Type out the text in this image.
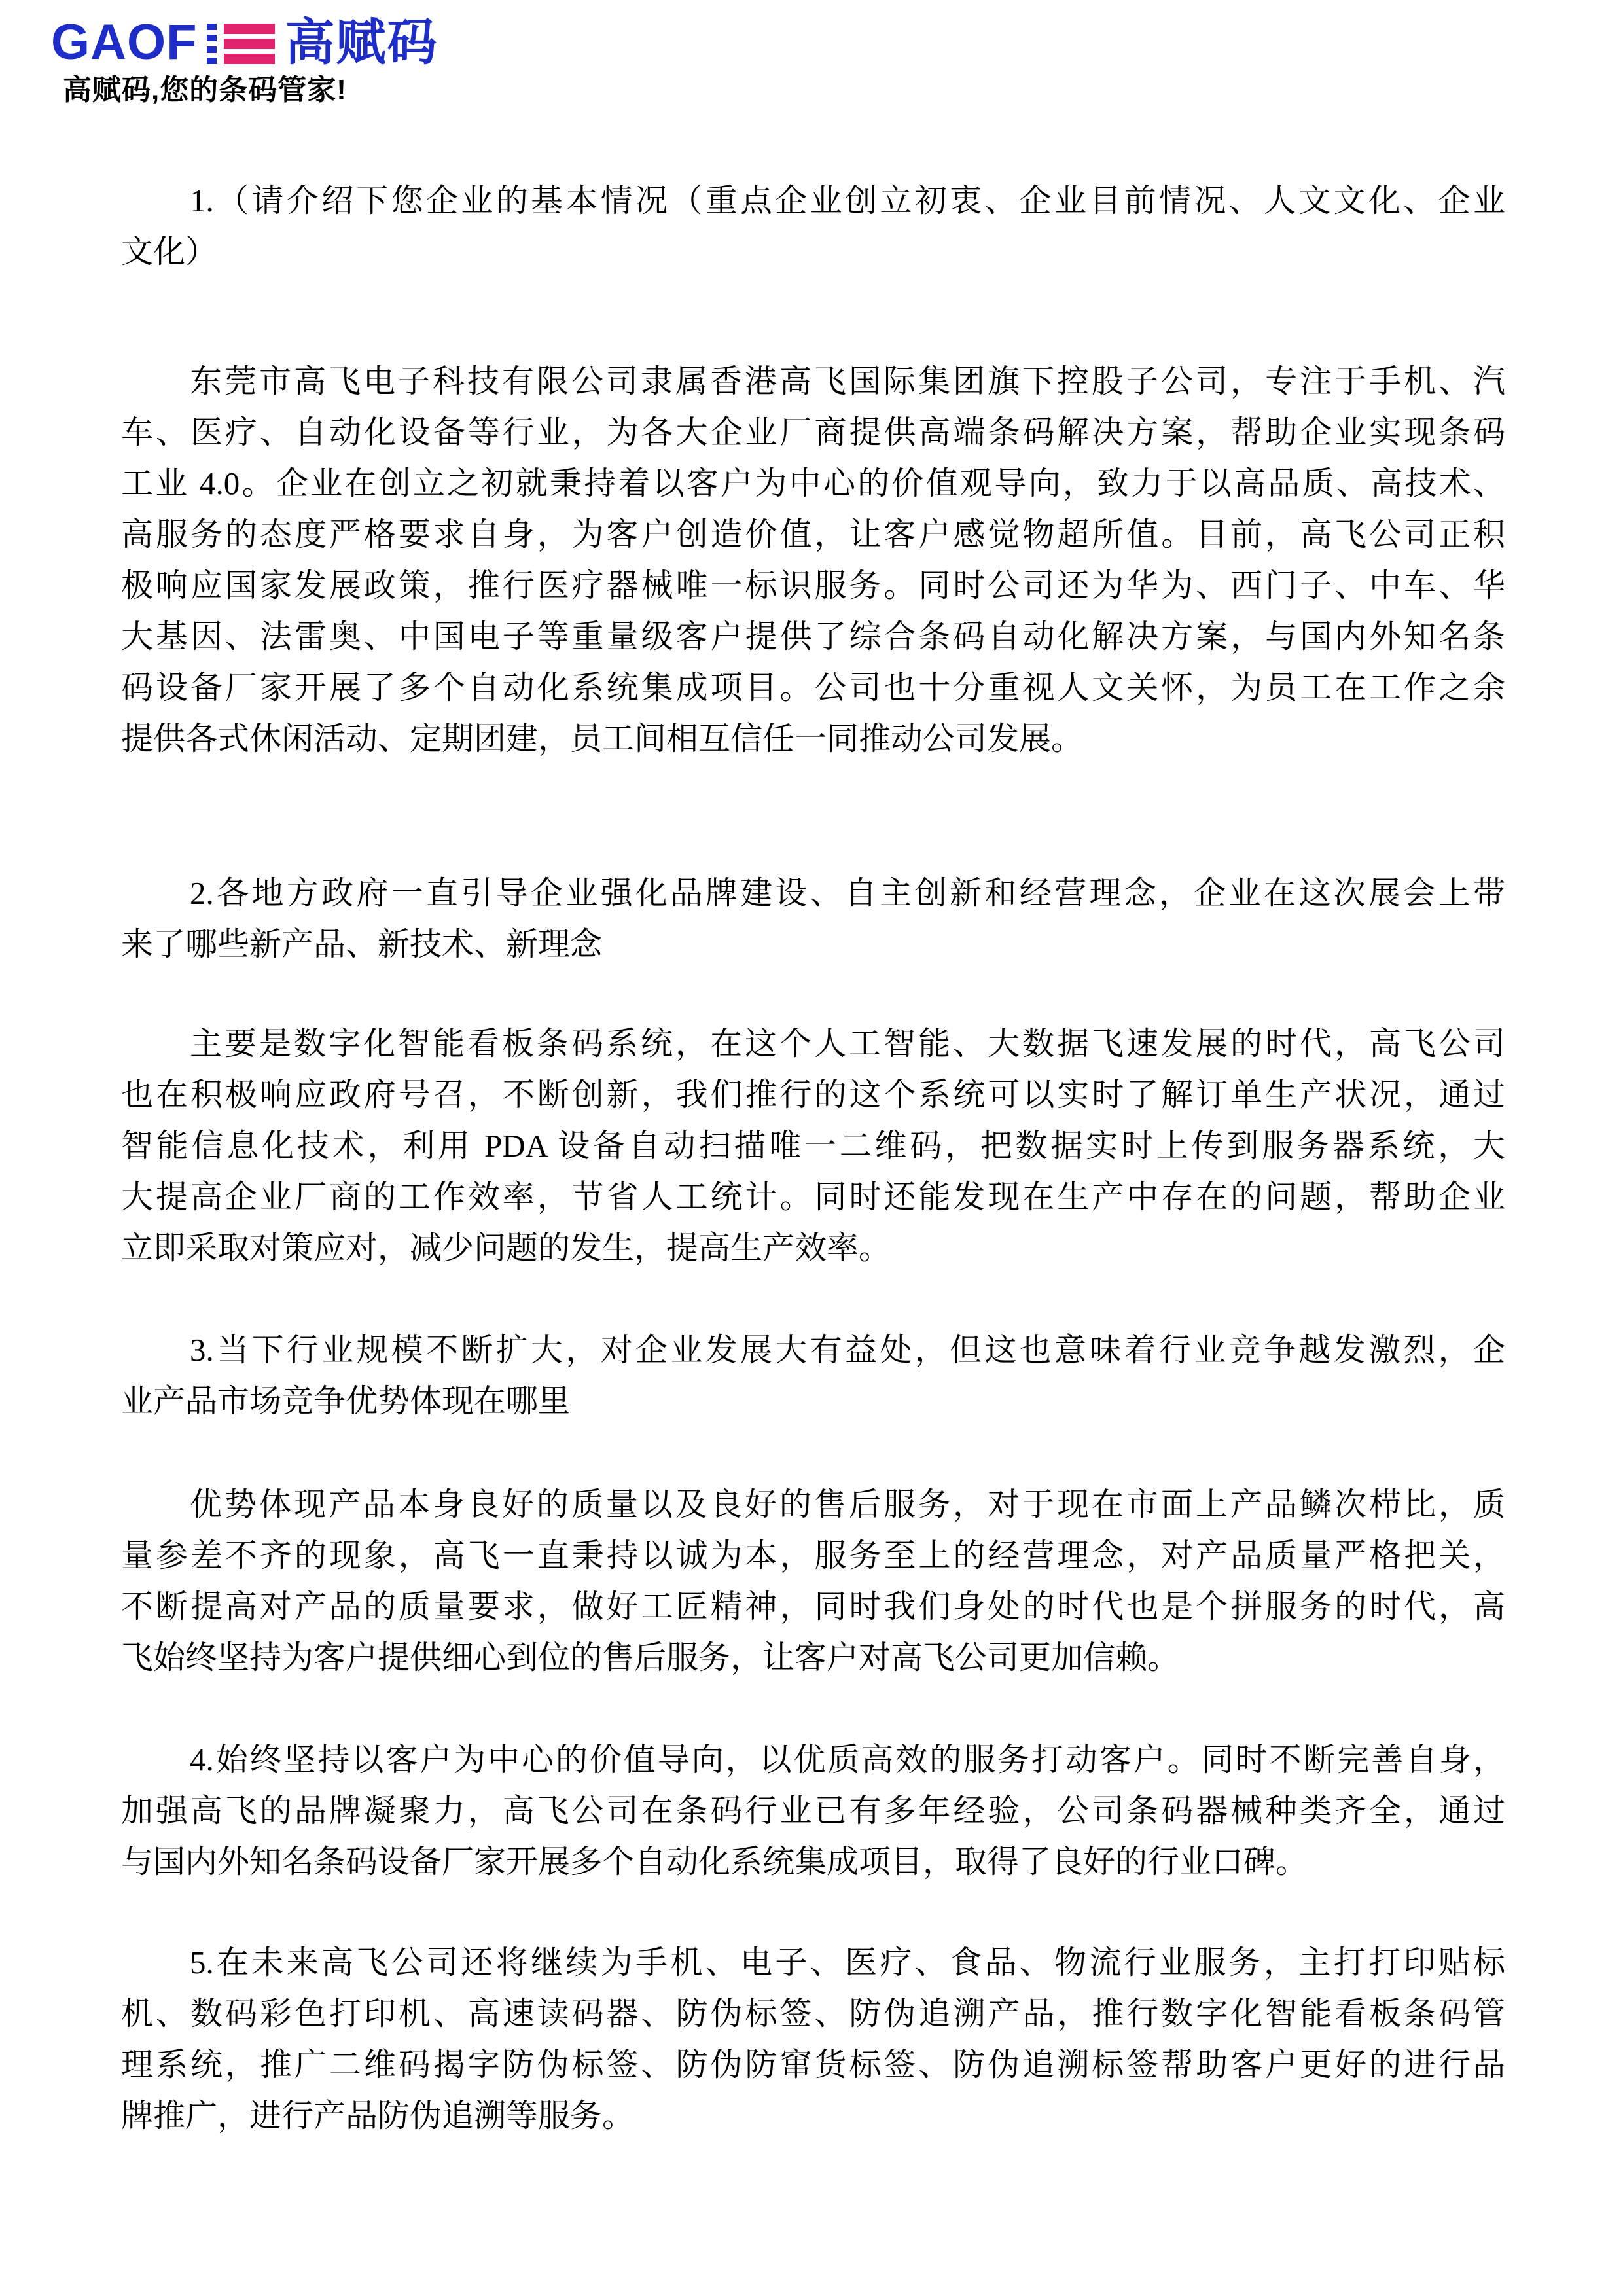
GAOF 高赋码
高赋码,您的条码管家!
1.（请介绍下您企业的基本情况（重点企业创立初衷、企业目前情况、人文文化、企业
文化）
东莞市高飞电子科技有限公司隶属香港高飞国际集团旗下控股子公司，专注于手机、汽
车、医疗、自动化设备等行业，为各大企业厂商提供高端条码解决方案，帮助企业实现条码
工业 4.0。企业在创立之初就秉持着以客户为中心的价值观导向，致力于以高品质、高技术、
高服务的态度严格要求自身，为客户创造价值，让客户感觉物超所值。目前，高飞公司正积
极响应国家发展政策，推行医疗器械唯一标识服务。同时公司还为华为、西门子、中车、华
大基因、法雷奥、中国电子等重量级客户提供了综合条码自动化解决方案，与国内外知名条
码设备厂家开展了多个自动化系统集成项目。公司也十分重视人文关怀，为员工在工作之余
提供各式休闲活动、定期团建，员工间相互信任一同推动公司发展。
2.各地方政府一直引导企业强化品牌建设、自主创新和经营理念，企业在这次展会上带
来了哪些新产品、新技术、新理念
主要是数字化智能看板条码系统，在这个人工智能、大数据飞速发展的时代，高飞公司
也在积极响应政府号召，不断创新，我们推行的这个系统可以实时了解订单生产状况，通过
智能信息化技术，利用 PDA 设备自动扫描唯一二维码，把数据实时上传到服务器系统，大
大提高企业厂商的工作效率，节省人工统计。同时还能发现在生产中存在的问题，帮助企业
立即采取对策应对，减少问题的发生，提高生产效率。
3.当下行业规模不断扩大，对企业发展大有益处，但这也意味着行业竞争越发激烈，企
业产品市场竞争优势体现在哪里
优势体现产品本身良好的质量以及良好的售后服务，对于现在市面上产品鳞次栉比，质
量参差不齐的现象，高飞一直秉持以诚为本，服务至上的经营理念，对产品质量严格把关，
不断提高对产品的质量要求，做好工匠精神，同时我们身处的时代也是个拼服务的时代，高
飞始终坚持为客户提供细心到位的售后服务，让客户对高飞公司更加信赖。
4.始终坚持以客户为中心的价值导向，以优质高效的服务打动客户。同时不断完善自身，
加强高飞的品牌凝聚力，高飞公司在条码行业已有多年经验，公司条码器械种类齐全，通过
与国内外知名条码设备厂家开展多个自动化系统集成项目，取得了良好的行业口碑。
5.在未来高飞公司还将继续为手机、电子、医疗、食品、物流行业服务，主打打印贴标
机、数码彩色打印机、高速读码器、防伪标签、防伪追溯产品，推行数字化智能看板条码管
理系统，推广二维码揭字防伪标签、防伪防窜货标签、防伪追溯标签帮助客户更好的进行品
牌推广，进行产品防伪追溯等服务。
